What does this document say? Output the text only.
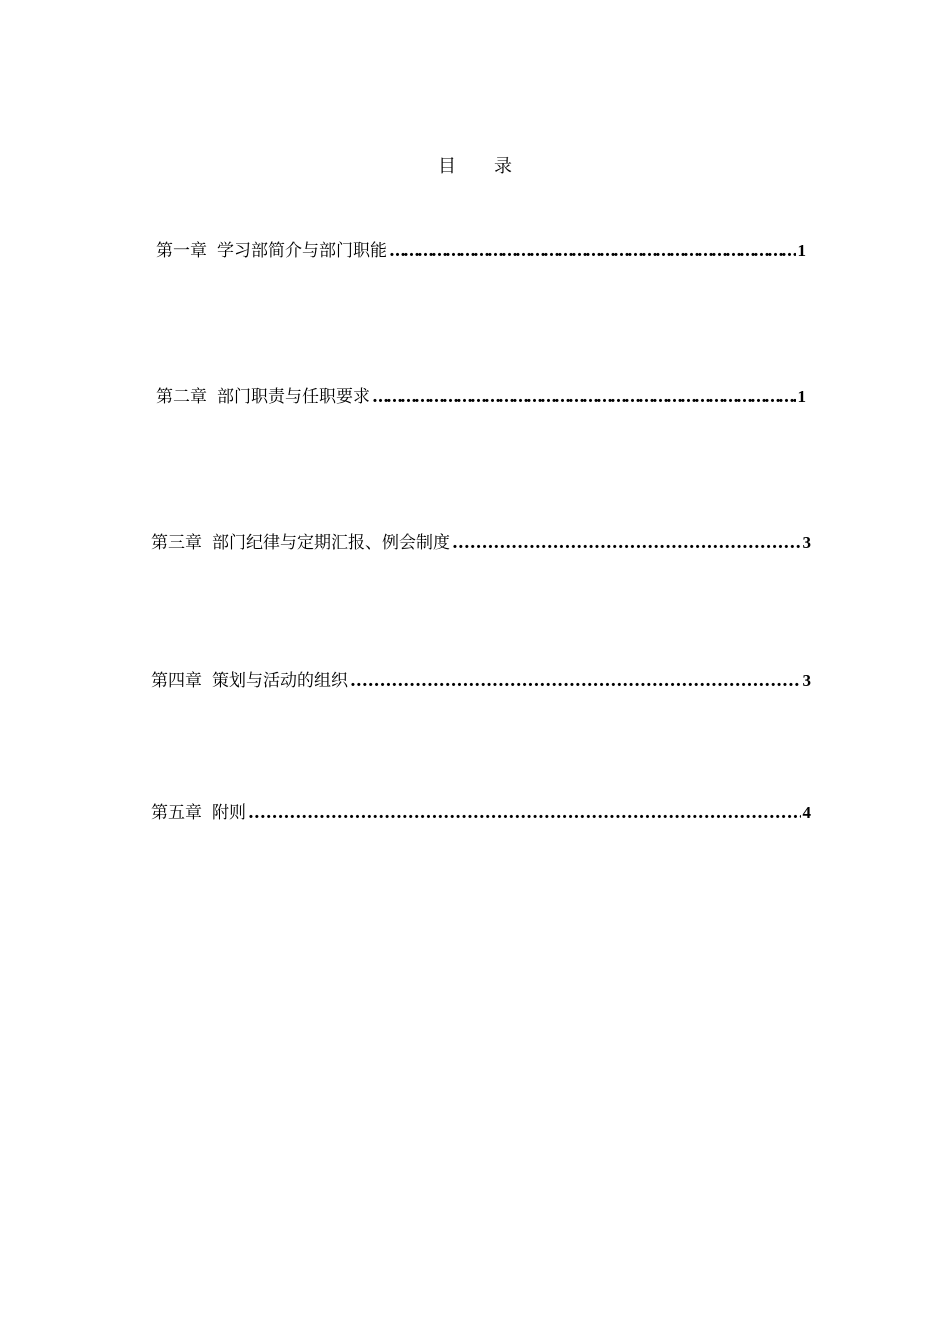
目 录
第一章 学习部简介与部门职能 …………………………………………………………………………………………………………………………………………………………………………	1
第二章 部门职责与任职要求 …………………………………………………………………………………………………………………………………………………………………………	1
第三章 部门纪律与定期汇报、例会制度 .....	3
第四章 策划与活动的组织 .....	3
第五章 附则 .....	4
